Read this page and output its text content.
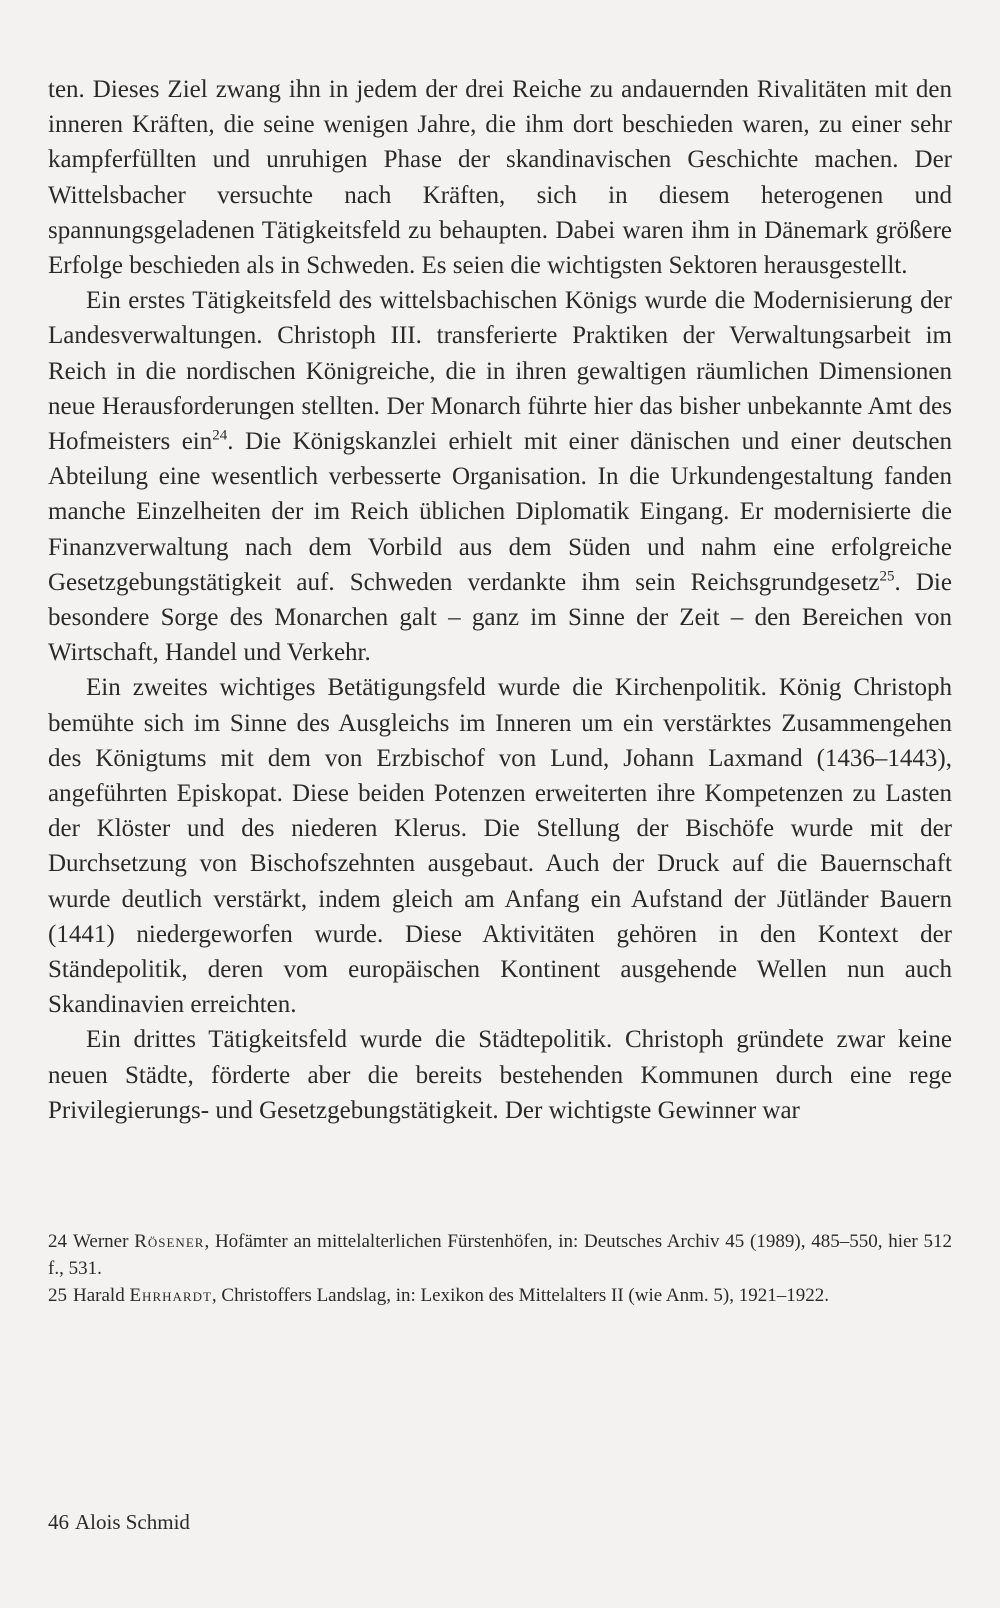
ten. Dieses Ziel zwang ihn in jedem der drei Reiche zu andauernden Rivalitäten mit den inneren Kräften, die seine wenigen Jahre, die ihm dort beschieden waren, zu einer sehr kampferfüllten und unruhigen Phase der skandinavischen Geschichte machen. Der Wittelsbacher versuchte nach Kräften, sich in diesem heterogenen und spannungsgeladenen Tätigkeitsfeld zu behaupten. Dabei waren ihm in Dänemark größere Erfolge beschieden als in Schweden. Es seien die wichtigsten Sektoren herausgestellt.

Ein erstes Tätigkeitsfeld des wittelsbachischen Königs wurde die Modernisierung der Landesverwaltungen. Christoph III. transferierte Praktiken der Verwaltungsarbeit im Reich in die nordischen Königreiche, die in ihren gewaltigen räumlichen Dimensionen neue Herausforderungen stellten. Der Monarch führte hier das bisher unbekannte Amt des Hofmeisters ein$^{24}$. Die Königskanzlei erhielt mit einer dänischen und einer deutschen Abteilung eine wesentlich verbesserte Organisation. In die Urkundengestaltung fanden manche Einzelheiten der im Reich üblichen Diplomatik Eingang. Er modernisierte die Finanzverwaltung nach dem Vorbild aus dem Süden und nahm eine erfolgreiche Gesetzgebungstätigkeit auf. Schweden verdankte ihm sein Reichsgrundgesetz$^{25}$. Die besondere Sorge des Monarchen galt – ganz im Sinne der Zeit – den Bereichen von Wirtschaft, Handel und Verkehr.

Ein zweites wichtiges Betätigungsfeld wurde die Kirchenpolitik. König Christoph bemühte sich im Sinne des Ausgleichs im Inneren um ein verstärktes Zusammengehen des Königtums mit dem von Erzbischof von Lund, Johann Laxmand (1436–1443), angeführten Episkopat. Diese beiden Potenzen erweiterten ihre Kompetenzen zu Lasten der Klöster und des niederen Klerus. Die Stellung der Bischöfe wurde mit der Durchsetzung von Bischofszehnten ausgebaut. Auch der Druck auf die Bauernschaft wurde deutlich verstärkt, indem gleich am Anfang ein Aufstand der Jütländer Bauern (1441) niedergeworfen wurde. Diese Aktivitäten gehören in den Kontext der Ständepolitik, deren vom europäischen Kontinent ausgehende Wellen nun auch Skandinavien erreichten.

Ein drittes Tätigkeitsfeld wurde die Städtepolitik. Christoph gründete zwar keine neuen Städte, förderte aber die bereits bestehenden Kommunen durch eine rege Privilegierungs- und Gesetzgebungstätigkeit. Der wichtigste Gewinner war

24 Werner Rösener, Hofämter an mittelalterlichen Fürstenhöfen, in: Deutsches Archiv 45 (1989), 485–550, hier 512 f., 531.

25 Harald Ehrhardt, Christoffers Landslag, in: Lexikon des Mittelalters II (wie Anm. 5), 1921–1922.

46 Alois Schmid
